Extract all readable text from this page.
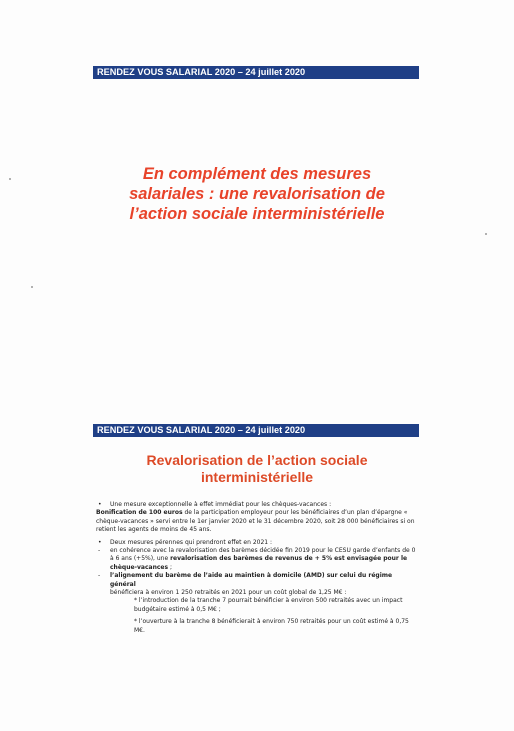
RENDEZ VOUS SALARIAL 2020 – 24 juillet 2020
En complément des mesures
salariales : une revalorisation de
l’action sociale interministérielle
RENDEZ VOUS SALARIAL 2020 – 24 juillet 2020
Revalorisation de l’action sociale
interministérielle

• Une mesure exceptionnelle à effet immédiat pour les chèques-vacances :

Bonification de 100 euros de la participation employeur pour les bénéficiaires d’un plan d’épargne « chèque-vacances » servi entre le 1er janvier 2020 et le 31 décembre 2020, soit 28 000 bénéficiaires si on retient les agents de moins de 45 ans.

• Deux mesures pérennes qui prendront effet en 2021 :

- en cohérence avec la revalorisation des barèmes décidée fin 2019 pour le CESU garde d’enfants de 0 à 6 ans (+5%), une revalorisation des barèmes de revenus de + 5% est envisagée pour le chèque-vacances ;

- l’alignement du barème de l’aide au maintien à domicile (AMD) sur celui du régime général

bénéficiera à environ 1 250 retraités en 2021 pour un coût global de 1,25 M€ :

* l’introduction de la tranche 7 pourrait bénéficier à environ 500 retraités avec un impact budgétaire estimé à 0,5 M€ ;

* l’ouverture à la tranche 8 bénéficierait à environ 750 retraités pour un coût estimé à 0,75 M€.
